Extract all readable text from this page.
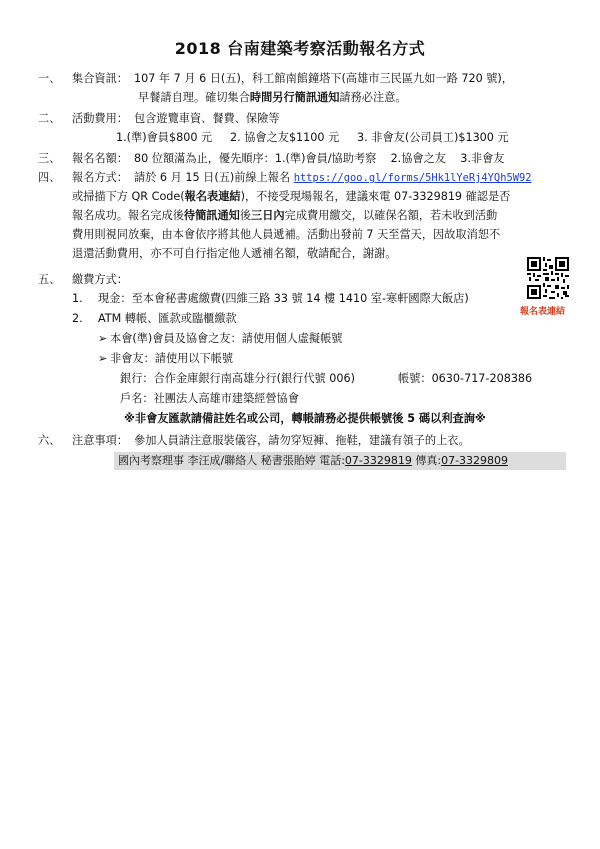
2018 台南建築考察活動報名方式
一、 集合資訊： 107 年 7 月 6 日(五)，科工館南館鐘塔下(高雄市三民區九如一路 720 號)，
早餐請自理。確切集合時間另行簡訊通知請務必注意。
二、 活動費用： 包含遊覽車資、餐費、保險等
1.(準)會員$800 元     2. 協會之友$1100 元     3. 非會友(公司員工)$1300 元
三、 報名名額： 80 位額滿為止，優先順序：1.(準)會員/協助考察    2.協會之友    3.非會友
四、 報名方式： 請於 6 月 15 日(五)前線上報名 https://goo.gl/forms/5Hk1lYeRj4YQh5W92
或掃描下方 QR Code(報名表連結)，不接受現場報名，建議來電 07-3329819 確認是否
報名成功。報名完成後待簡訊通知後三日內完成費用繳交，以確保名額，若未收到活動
費用則視同放棄，由本會依序將其他人員遞補。活動出發前 7 天至當天，因故取消恕不
退還活動費用，亦不可自行指定他人遞補名額，敬請配合，謝謝。
報名表連結
五、 繳費方式：
1. 現金：至本會秘書處繳費(四維三路 33 號 14 樓 1410 室-寒軒國際大飯店)
2. ATM 轉帳、匯款或臨櫃繳款
➢ 本會(準)會員及協會之友：請使用個人虛擬帳號
➢ 非會友：請使用以下帳號
銀行：合作金庫銀行南高雄分行(銀行代號 006)	帳號：0630-717-208386
戶名：社團法人高雄市建築經營協會
※非會友匯款請備註姓名或公司，轉帳請務必提供帳號後 5 碼以利查詢※
六、 注意事項： 參加人員請注意服裝儀容，請勿穿短褲、拖鞋，建議有領子的上衣。
國內考察理事 李汪成/聯絡人 秘書張貽婷 電話:07-3329819 傳真:07-3329809
